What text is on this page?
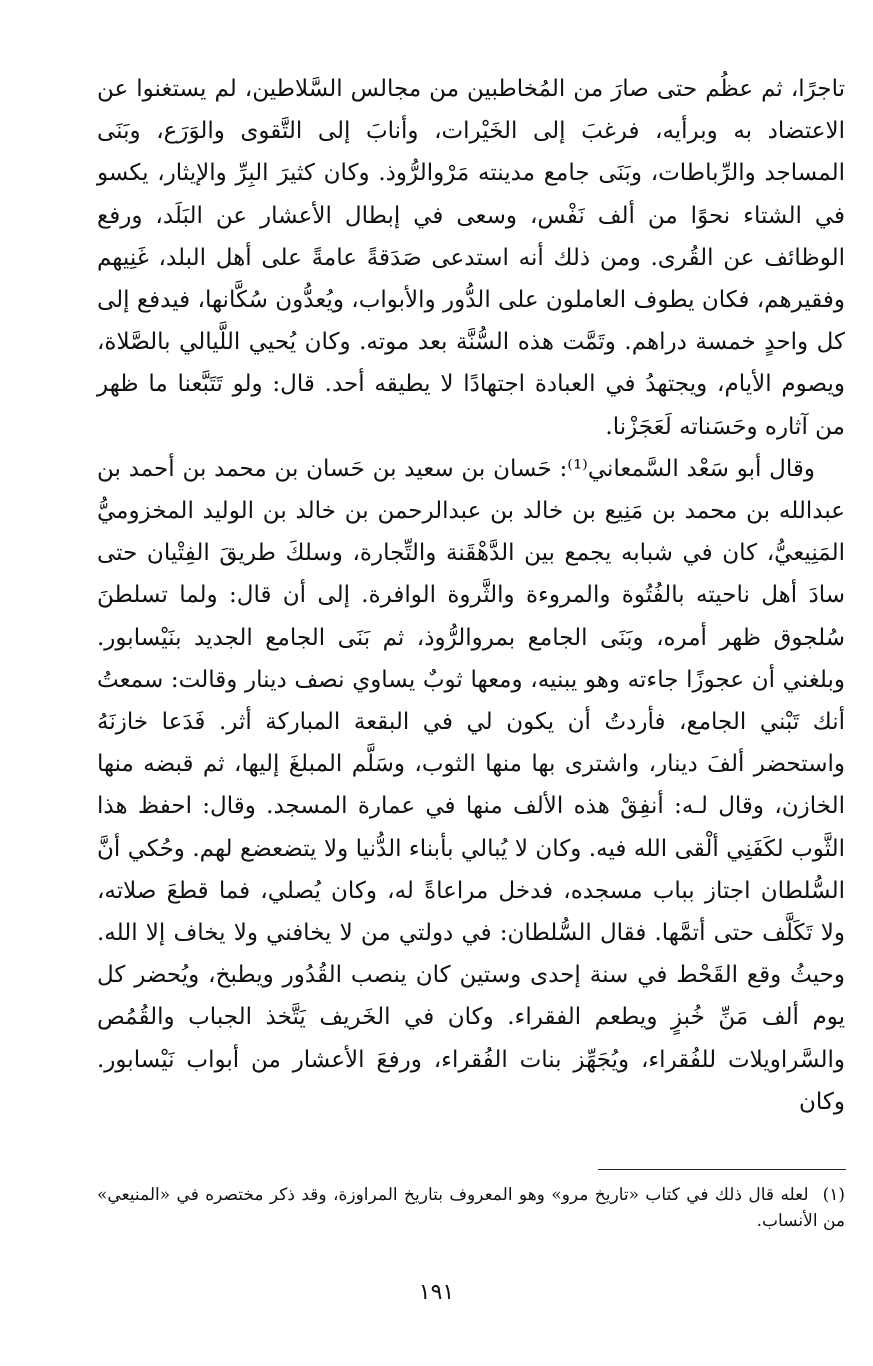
تاجرًا، ثم عظُم حتى صارَ من المُخاطبين من مجالس السَّلاطين، لم يستغنوا عن الاعتضاد به وبرأيه، فرغبَ إلى الخَيْرات، وأنابَ إلى التَّقوى والوَرَع، وبَنَى المساجد والرِّباطات، وبَنَى جامع مدينته مَرْوالرُّوذ. وكان كثيرَ البِرِّ والإيثار، يكسو في الشتاء نحوًا من ألف نَفْس، وسعى في إبطال الأعشار عن البَلَد، ورفع الوظائف عن القُرى. ومن ذلك أنه استدعى صَدَقةً عامةً على أهل البلد، غَنِيهم وفقيرهم، فكان يطوف العاملون على الدُّور والأبواب، ويُعدُّون سُكَّانها، فيدفع إلى كل واحدٍ خمسة دراهم. وتَمَّت هذه السُّنَّة بعد موته. وكان يُحيي اللَّيالي بالصَّلاة، ويصوم الأيام، ويجتهدُ في العبادة اجتهادًا لا يطيقه أحد. قال: ولو تَتَبَّعنا ما ظهر من آثاره وحَسَناته لَعَجَزْنا.

وقال أبو سَعْد السَّمعاني⁽¹⁾: حَسان بن سعيد بن حَسان بن محمد بن أحمد بن عبدالله بن محمد بن مَنِيع بن خالد بن عبدالرحمن بن خالد بن الوليد المخزوميُّ المَنِيعيُّ، كان في شبابه يجمع بين الدَّهْقَنة والتِّجارة، وسلكَ طريقَ الفِتْيان حتى سادَ أهل ناحيته بالفُتُوة والمروءة والثَّروة الوافرة. إلى أن قال: ولما تسلطنَ سُلجوق ظهر أمره، وبَنَى الجامع بمروالرُّوذ، ثم بَنَى الجامع الجديد بنَيْسابور. وبلغني أن عجوزًا جاءته وهو يبنيه، ومعها ثوبٌ يساوي نصف دينار وقالت: سمعتُ أنك تَبْني الجامع، فأردتُ أن يكون لي في البقعة المباركة أثر. فَدَعا خازنَهُ واستحضر ألفَ دينار، واشترى بها منها الثوب، وسَلَّم المبلغَ إليها، ثم قبضه منها الخازن، وقال لـه: أنفِقْ هذه الألف منها في عمارة المسجد. وقال: احفظ هذا الثَّوب لكَفَنِي ألْقى الله فيه. وكان لا يُبالي بأبناء الدُّنيا ولا يتضعضع لهم. وحُكي أنَّ السُّلطان اجتاز بباب مسجده، فدخل مراعاةً له، وكان يُصلي، فما قطعَ صلاته، ولا تَكَلَّف حتى أتمَّها. فقال السُّلطان: في دولتي من لا يخافني ولا يخاف إلا الله. وحيثُ وقع القَحْط في سنة إحدى وستين كان ينصب القُدُور ويطبخ، ويُحضر كل يوم ألف مَنِّ خُبزٍ ويطعم الفقراء. وكان في الخَريف يَتَّخذ الجباب والقُمُص والسَّراويلات للفُقراء، ويُجَهِّز بنات الفُقراء، ورفعَ الأعشار من أبواب نَيْسابور. وكان

(١)لعله قال ذلك في كتاب «تاريخ مرو» وهو المعروف بتاريخ المراوزة، وقد ذكر مختصره في «المنيعي» من الأنساب.
١٩١
